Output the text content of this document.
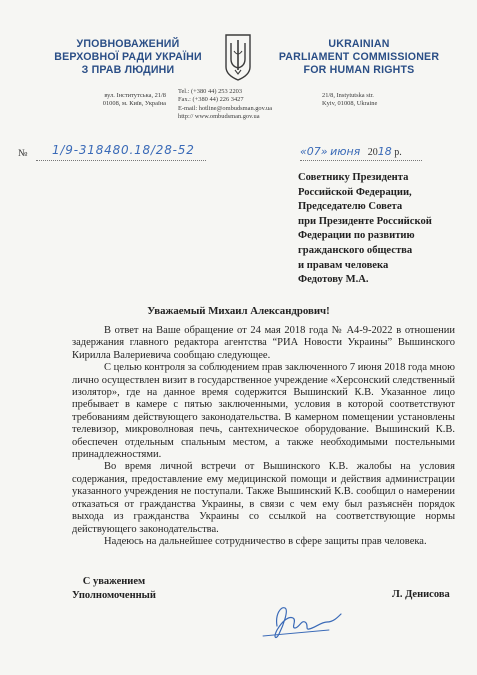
УПОВНОВАЖЕНИЙ
ВЕРХОВНОЇ РАДИ УКРАЇНИ
З ПРАВ ЛЮДИНИ
UKRAINIAN
PARLIAMENT COMMISSIONER
FOR HUMAN RIGHTS
вул. Інститутська, 21/8
01008, м. Київ, Україна
Tel.: (+380 44) 253 2203
Fax.: (+380 44) 226 3427
E-mail: hotline@ombudsman.gov.ua
http:// www.ombudsman.gov.ua
21/8, Instytutska str.
Kyiv, 01008, Ukraine
№ 1/9-318480.18/28-52	«07» июня 2018 р.
Советнику Президента
Российской Федерации,
Председателю Совета
при Президенте Российской
Федерации по развитию
гражданского общества
и правам человека
Федотову М.А.
Уважаемый Михаил Александрович!

В ответ на Ваше обращение от 24 мая 2018 года № А4-9-2022 в отношении задержания главного редактора агентства “РИА Новости Украины” Вышинского Кирилла Валериевича сообщаю следующее.

С целью контроля за соблюдением прав заключенного 7 июня 2018 года мною лично осуществлен визит в государственное учреждение «Херсонский следственный изолятор», где на данное время содержится Вышинский К.В. Указанное лицо пребывает в камере с пятью заключенными, условия в которой соответствуют требованиям действующего законодательства. В камерном помещении установлены телевизор, микроволновая печь, сантехническое оборудование. Вышинский К.В. обеспечен отдельным спальным местом, а также необходимыми постельными принадлежностями.

Во время личной встречи от Вышинского К.В. жалобы на условия содержания, предоставление ему медицинской помощи и действия администрации указанного учреждения не поступали. Также Вышинский К.В. сообщил о намерении отказаться от гражданства Украины, в связи с чем ему был разъяснён порядок выхода из гражданства Украины со ссылкой на соответствующие нормы действующего законодательства.

Надеюсь на дальнейшее сотрудничество в сфере защиты прав человека.

С уважением
Уполномоченный	Л. Денисова
